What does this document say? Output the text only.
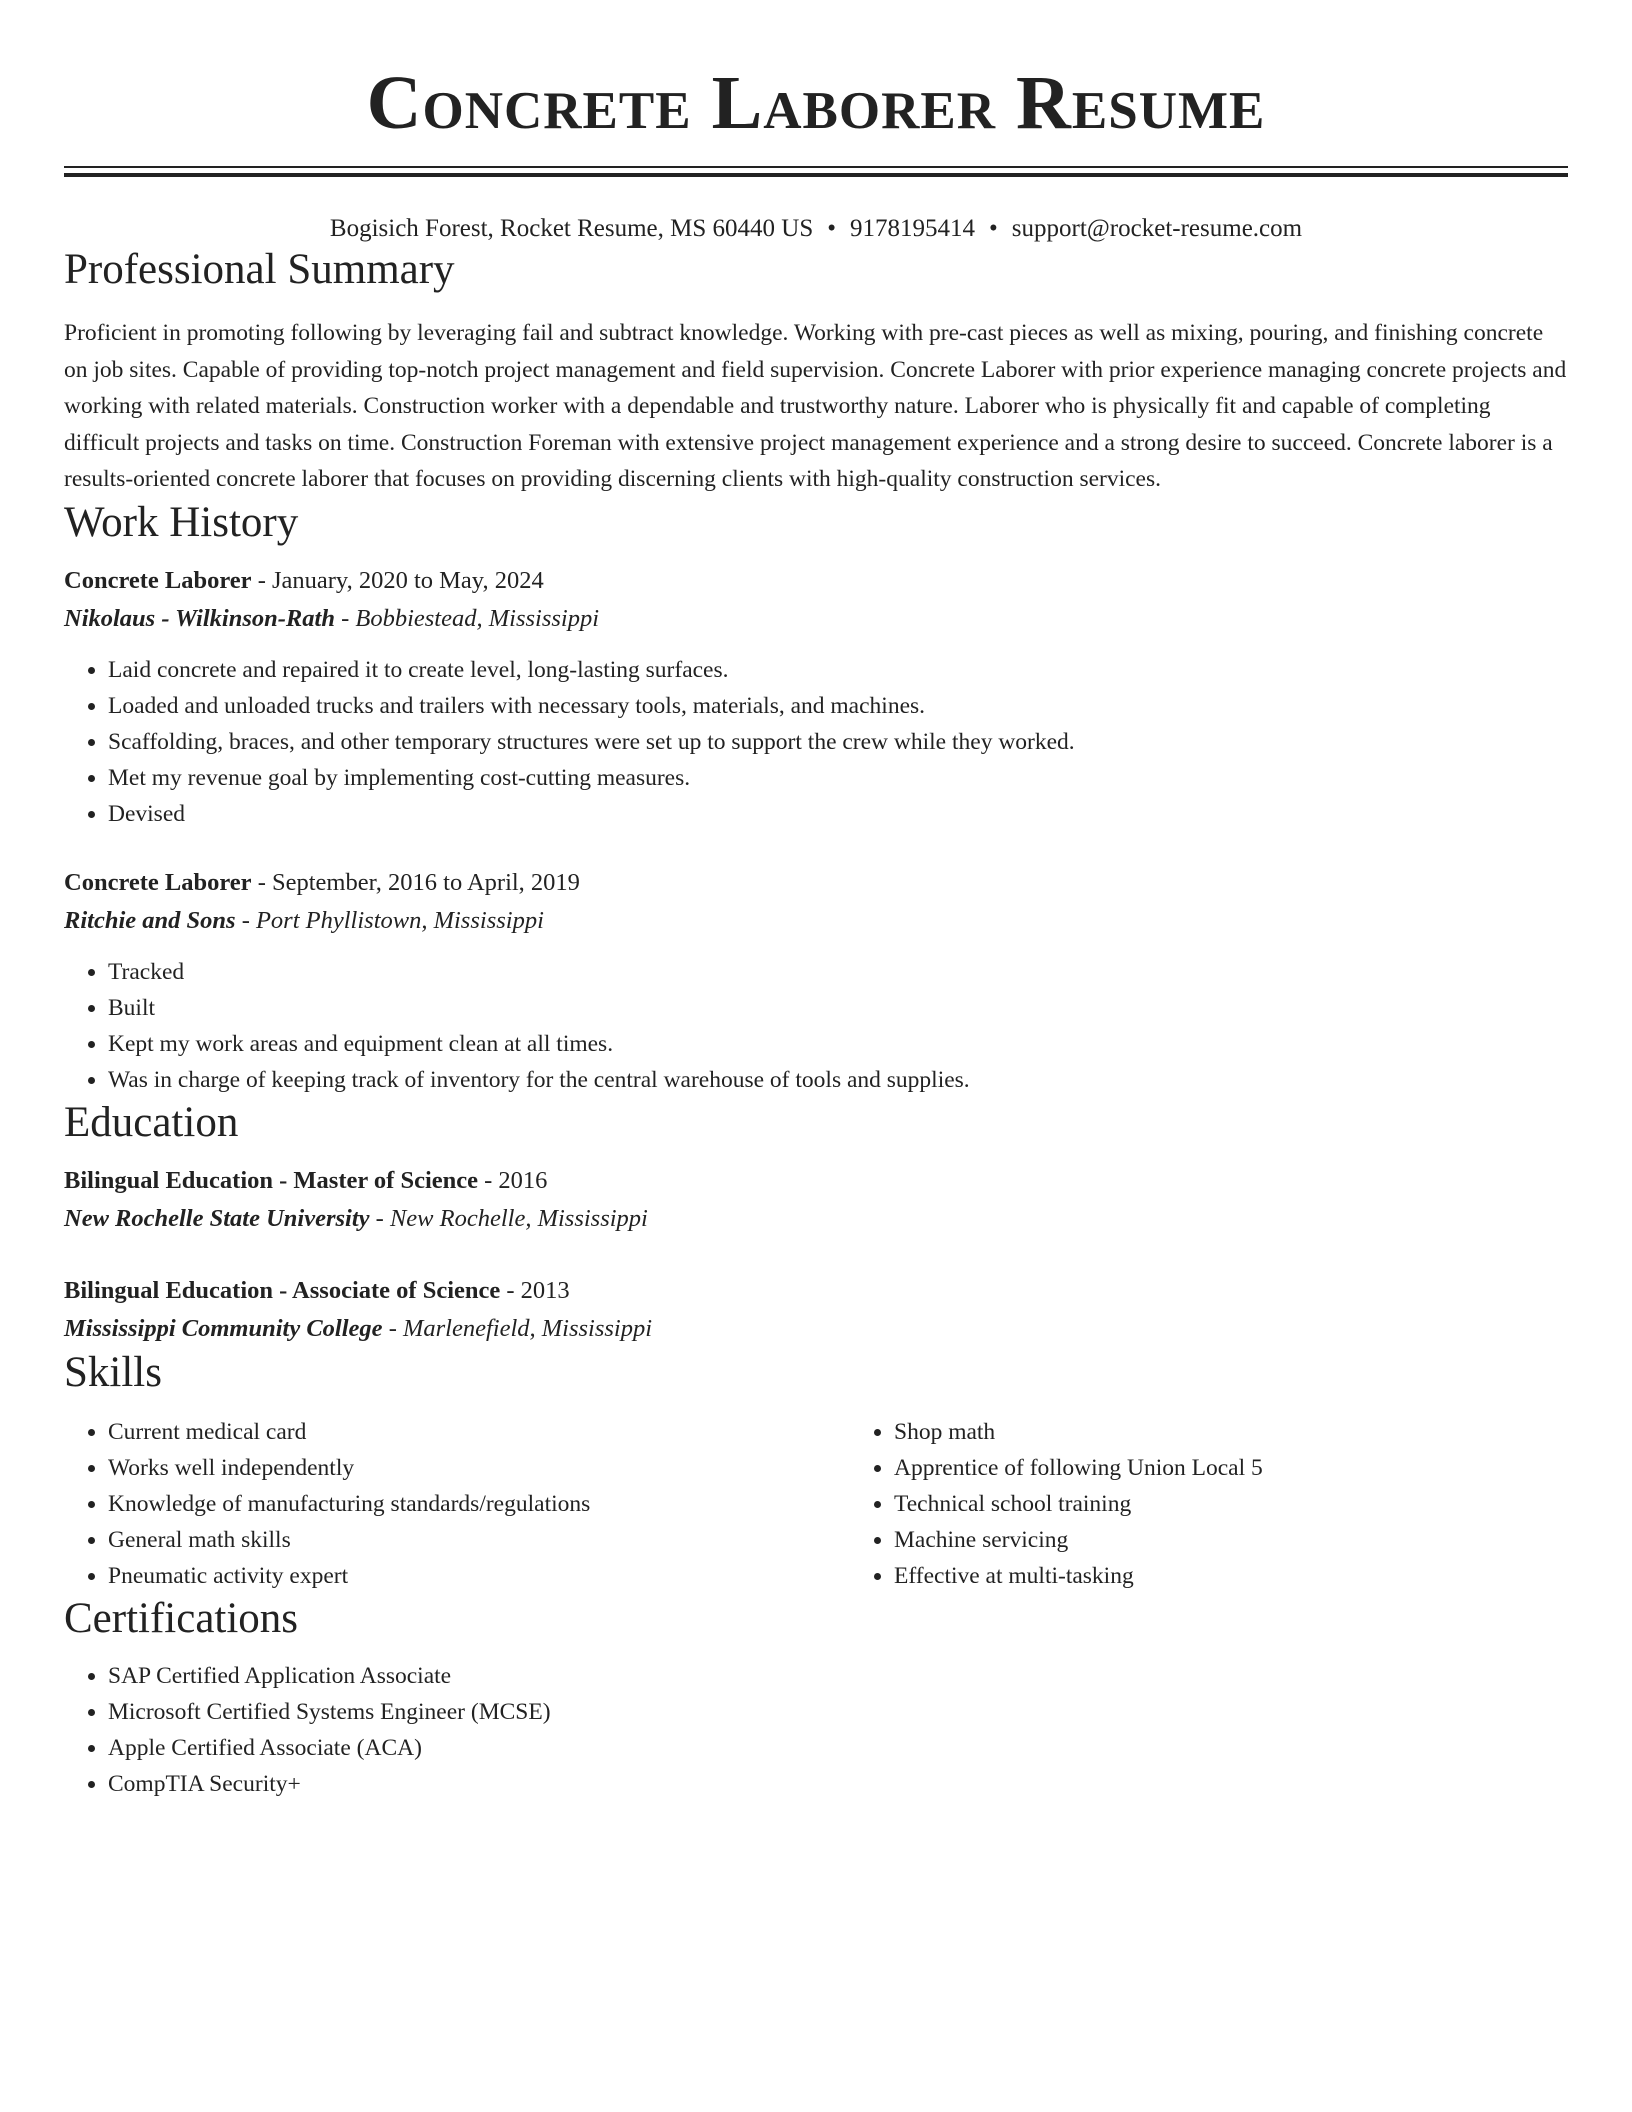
Concrete Laborer Resume
Bogisich Forest, Rocket Resume, MS 60440 US • 9178195414 • support@rocket-resume.com
Professional Summary

Proficient in promoting following by leveraging fail and subtract knowledge. Working with pre-cast pieces as well as mixing, pouring, and finishing concrete on job sites. Capable of providing top-notch project management and field supervision. Concrete Laborer with prior experience managing concrete projects and working with related materials. Construction worker with a dependable and trustworthy nature. Laborer who is physically fit and capable of completing difficult projects and tasks on time. Construction Foreman with extensive project management experience and a strong desire to succeed. Concrete laborer is a results-oriented concrete laborer that focuses on providing discerning clients with high-quality construction services.

Work History
Concrete Laborer - January, 2020 to May, 2024
Nikolaus - Wilkinson-Rath - Bobbiestead, Mississippi
• Laid concrete and repaired it to create level, long-lasting surfaces.
• Loaded and unloaded trucks and trailers with necessary tools, materials, and machines.
• Scaffolding, braces, and other temporary structures were set up to support the crew while they worked.
• Met my revenue goal by implementing cost-cutting measures.
• Devised
Concrete Laborer - September, 2016 to April, 2019
Ritchie and Sons - Port Phyllistown, Mississippi
• Tracked
• Built
• Kept my work areas and equipment clean at all times.
• Was in charge of keeping track of inventory for the central warehouse of tools and supplies.
Education
Bilingual Education - Master of Science - 2016
New Rochelle State University - New Rochelle, Mississippi
Bilingual Education - Associate of Science - 2013
Mississippi Community College - Marlenefield, Mississippi
Skills
• Current medical card
• Works well independently
• Knowledge of manufacturing standards/regulations
• General math skills
• Pneumatic activity expert
• Shop math
• Apprentice of following Union Local 5
• Technical school training
• Machine servicing
• Effective at multi-tasking
Certifications
• SAP Certified Application Associate
• Microsoft Certified Systems Engineer (MCSE)
• Apple Certified Associate (ACA)
• CompTIA Security+
